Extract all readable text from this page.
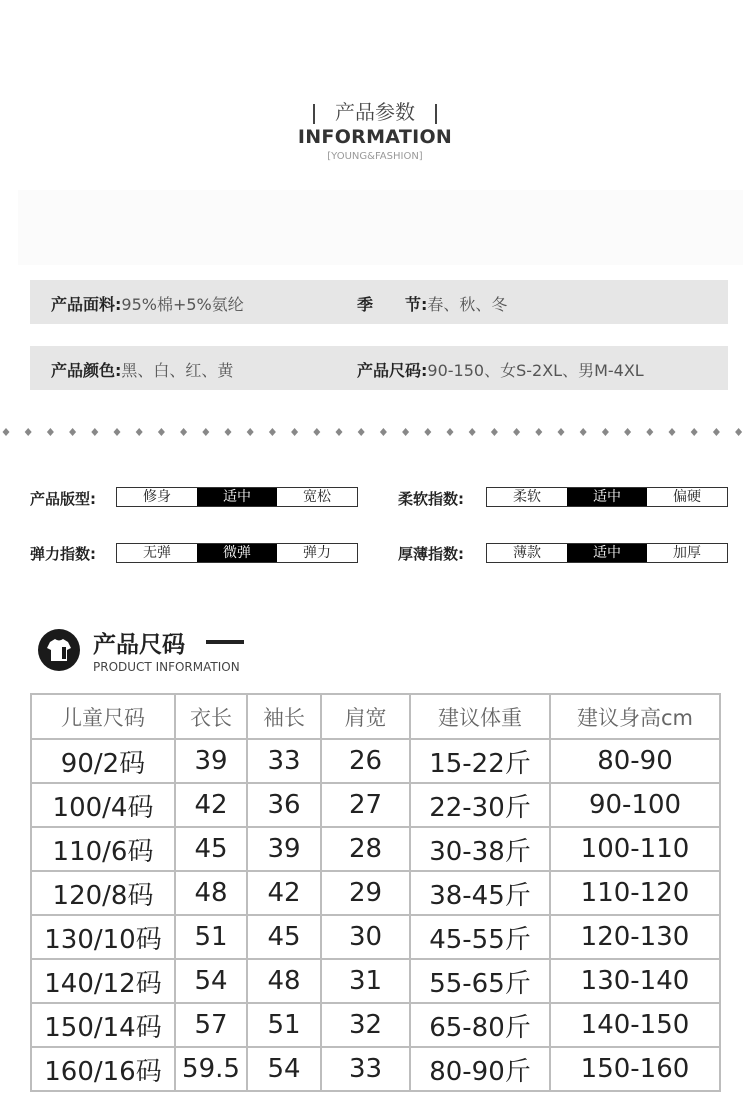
产品参数
INFORMATION
[YOUNG&FASHION]
产品面料:95%棉+5%氨纶	季　　节:春、秋、冬
产品颜色:黑、白、红、黄	产品尺码:90-150、女S-2XL、男M-4XL
产品版型:	修身	适中	宽松	柔软指数:	柔软	适中	偏硬
弹力指数:	无弹	微弹	弹力	厚薄指数:	薄款	适中	加厚
产品尺码
PRODUCT INFORMATION
儿童尺码	衣长	袖长	肩宽	建议体重	建议身高cm
90/2码	39	33	26	15-22斤	80-90
100/4码	42	36	27	22-30斤	90-100
110/6码	45	39	28	30-38斤	100-110
120/8码	48	42	29	38-45斤	110-120
130/10码	51	45	30	45-55斤	120-130
140/12码	54	48	31	55-65斤	130-140
150/14码	57	51	32	65-80斤	140-150
160/16码	59.5	54	33	80-90斤	150-160
